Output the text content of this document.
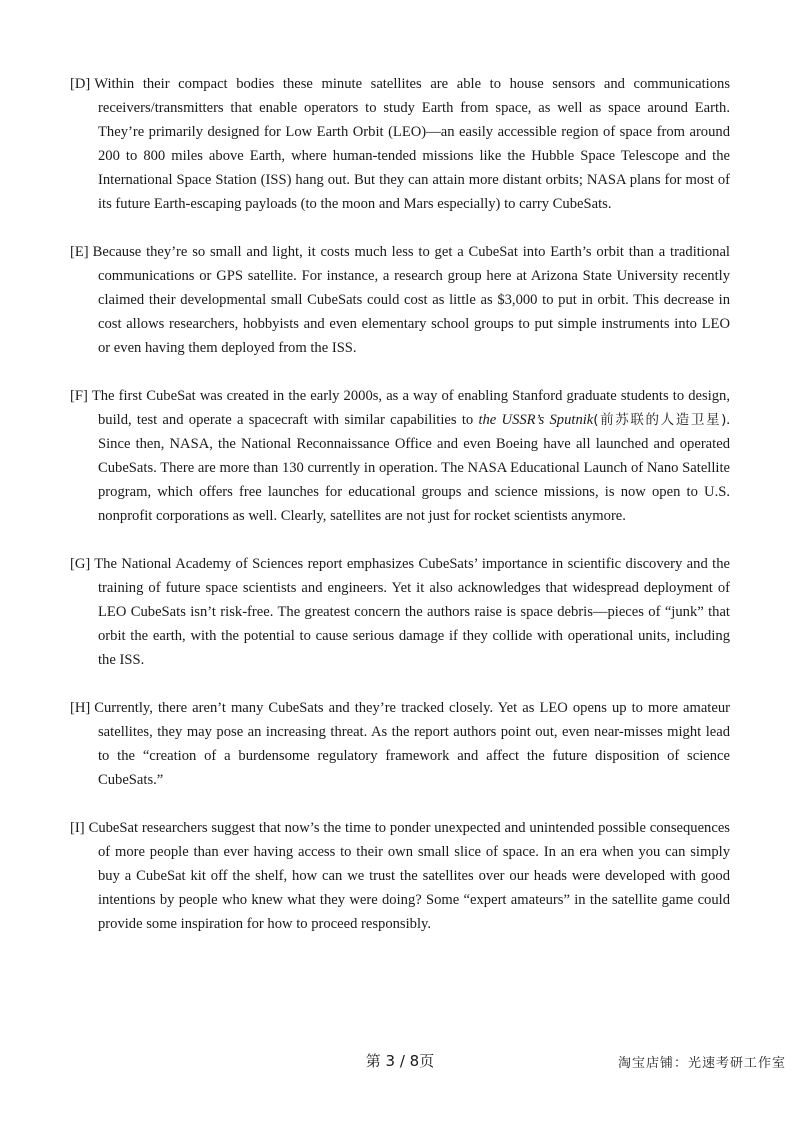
[D] Within their compact bodies these minute satellites are able to house sensors and communications receivers/transmitters that enable operators to study Earth from space, as well as space around Earth. They’re primarily designed for Low Earth Orbit (LEO)—an easily accessible region of space from around 200 to 800 miles above Earth, where human-tended missions like the Hubble Space Telescope and the International Space Station (ISS) hang out. But they can attain more distant orbits; NASA plans for most of its future Earth-escaping payloads (to the moon and Mars especially) to carry CubeSats.

[E] Because they’re so small and light, it costs much less to get a CubeSat into Earth’s orbit than a traditional communications or GPS satellite. For instance, a research group here at Arizona State University recently claimed their developmental small CubeSats could cost as little as $3,000 to put in orbit. This decrease in cost allows researchers, hobbyists and even elementary school groups to put simple instruments into LEO or even having them deployed from the ISS.

[F] The first CubeSat was created in the early 2000s, as a way of enabling Stanford graduate students to design, build, test and operate a spacecraft with similar capabilities to the USSR’s Sputnik(前苏联的人造卫星). Since then, NASA, the National Reconnaissance Office and even Boeing have all launched and operated CubeSats. There are more than 130 currently in operation. The NASA Educational Launch of Nano Satellite program, which offers free launches for educational groups and science missions, is now open to U.S. nonprofit corporations as well. Clearly, satellites are not just for rocket scientists anymore.

[G] The National Academy of Sciences report emphasizes CubeSats’ importance in scientific discovery and the training of future space scientists and engineers. Yet it also acknowledges that widespread deployment of LEO CubeSats isn’t risk-free. The greatest concern the authors raise is space debris—pieces of “junk” that orbit the earth, with the potential to cause serious damage if they collide with operational units, including the ISS.

[H] Currently, there aren’t many CubeSats and they’re tracked closely. Yet as LEO opens up to more amateur satellites, they may pose an increasing threat. As the report authors point out, even near-misses might lead to the “creation of a burdensome regulatory framework and affect the future disposition of science CubeSats.”

[I] CubeSat researchers suggest that now’s the time to ponder unexpected and unintended possible consequences of more people than ever having access to their own small slice of space. In an era when you can simply buy a CubeSat kit off the shelf, how can we trust the satellites over our heads were developed with good intentions by people who knew what they were doing? Some “expert amateurs” in the satellite game could provide some inspiration for how to proceed responsibly.

第 3 / 8页	淘宝店铺：光速考研工作室
